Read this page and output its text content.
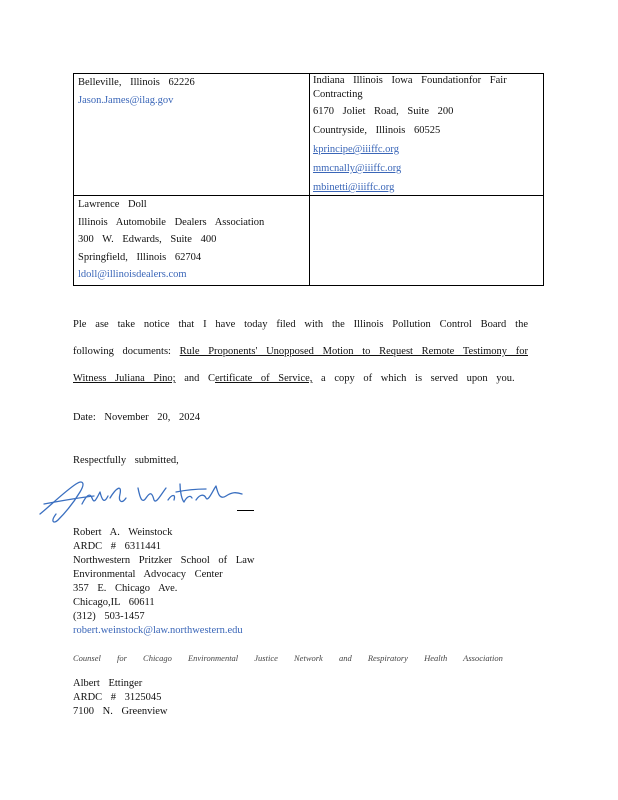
Belleville, Illinois 62226
Jason.James@ilag.gov
Indiana Illinois Iowa Foundationfor Fair Contracting
6170 Joliet Road, Suite 200
Countryside, Illinois 60525
kprincipe@iiiffc.org
mmcnally@iiiffc.org
mbinetti@iiiffc.org
Lawrence Doll
Illinois Automobile Dealers Association
300 W. Edwards, Suite 400
Springfield, Illinois 62704
ldoll@illinoisdealers.com
Ple ase take notice that I have today filed with the Illinois Pollution Control Board the following documents: Rule Proponents' Unopposed Motion to Request Remote Testimony for Witness Juliana Pino; and Certificate of Service, a copy of which is served upon you.
Date: November 20, 2024
Respectfully submitted,
Robert A. Weinstock
ARDC # 6311441
Northwestern Pritzker School of Law
Environmental Advocacy Center
357 E. Chicago Ave.
Chicago,IL 60611
(312) 503-1457
robert.weinstock@law.northwestern.edu
Counsel for Chicago Environmental Justice Network and Respiratory Health Association
Albert Ettinger
ARDC # 3125045
7100 N. Greenview
